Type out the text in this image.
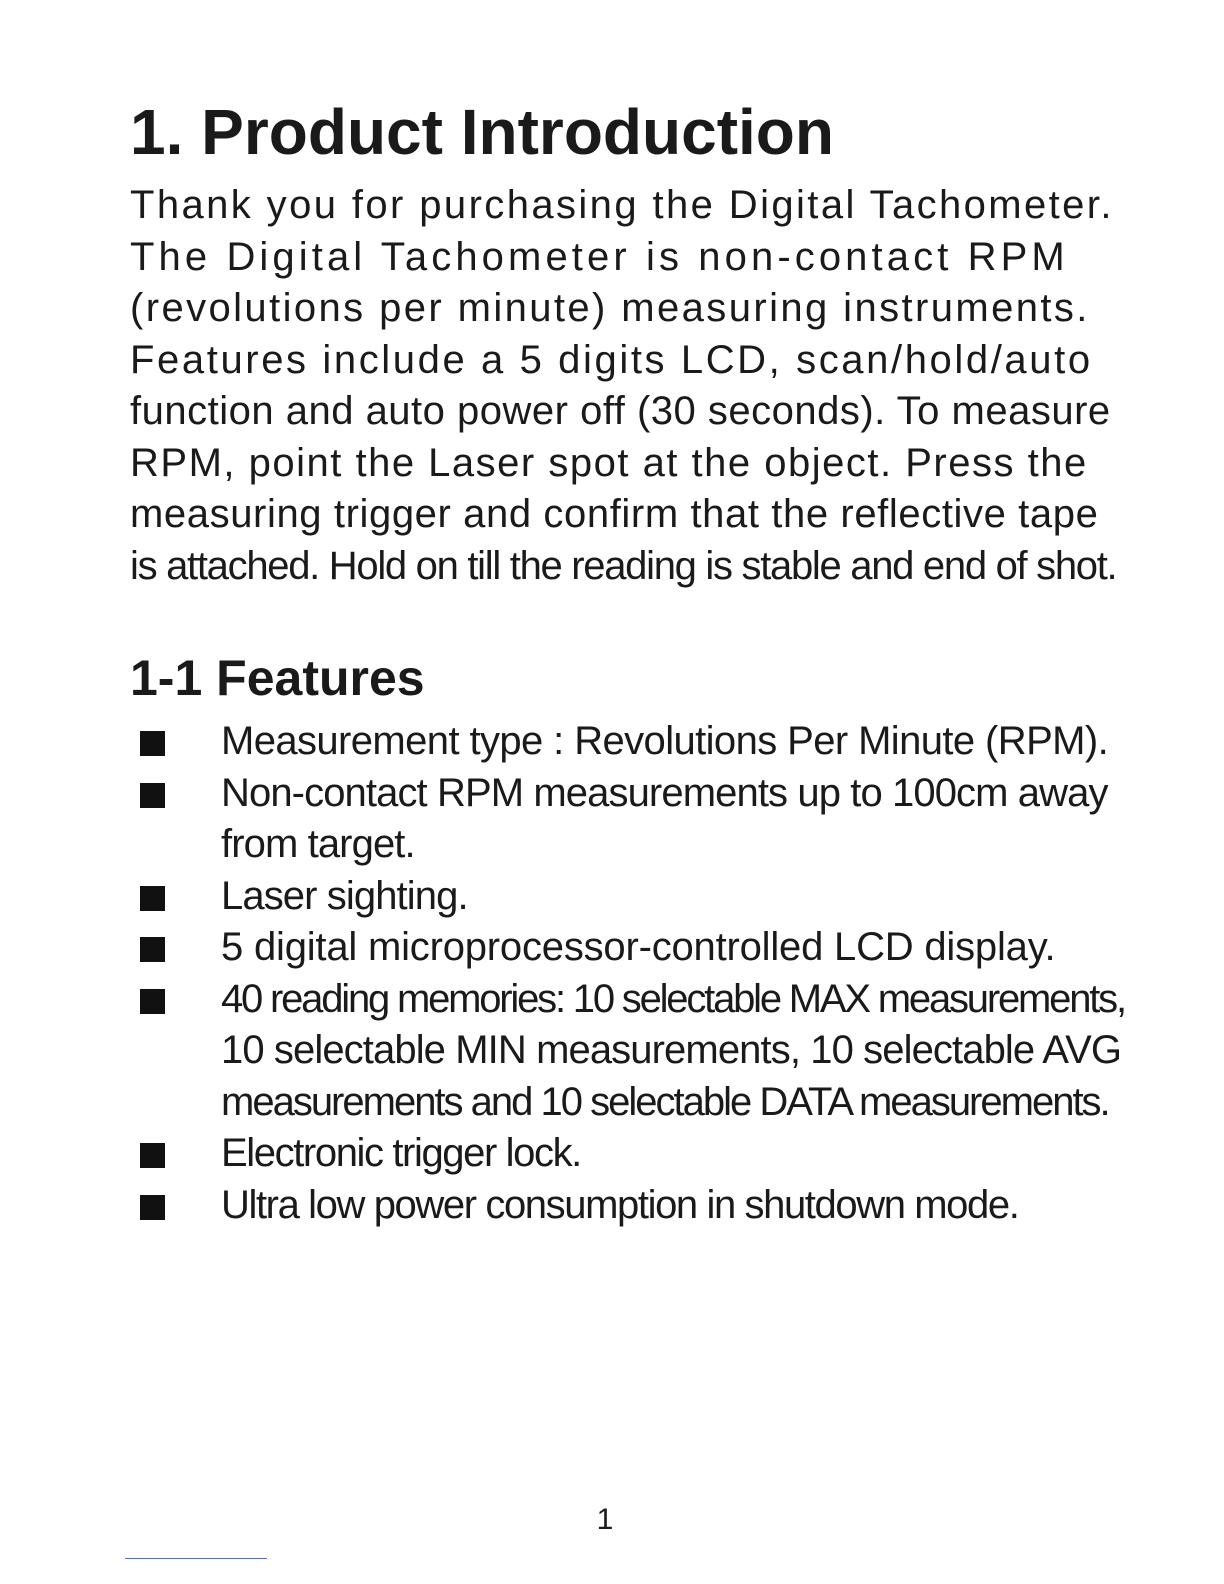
1. Product Introduction

Thank you for purchasing the Digital Tachometer.
The Digital Tachometer is non-contact RPM
(revolutions per minute) measuring instruments.
Features include a 5 digits LCD, scan/hold/auto
function and auto power off (30 seconds). To measure
RPM, point the Laser spot at the object. Press the
measuring trigger and confirm that the reflective tape
is attached. Hold on till the reading is stable and end of shot.

1-1 Features
Measurement type : Revolutions Per Minute (RPM).
Non-contact RPM measurements up to 100cm away
from target.
Laser sighting.
5 digital microprocessor-controlled LCD display.
40 reading memories: 10 selectable MAX measurements,
10 selectable MIN measurements, 10 selectable AVG
measurements and 10 selectable DATA measurements.
Electronic trigger lock.
Ultra low power consumption in shutdown mode.
1
